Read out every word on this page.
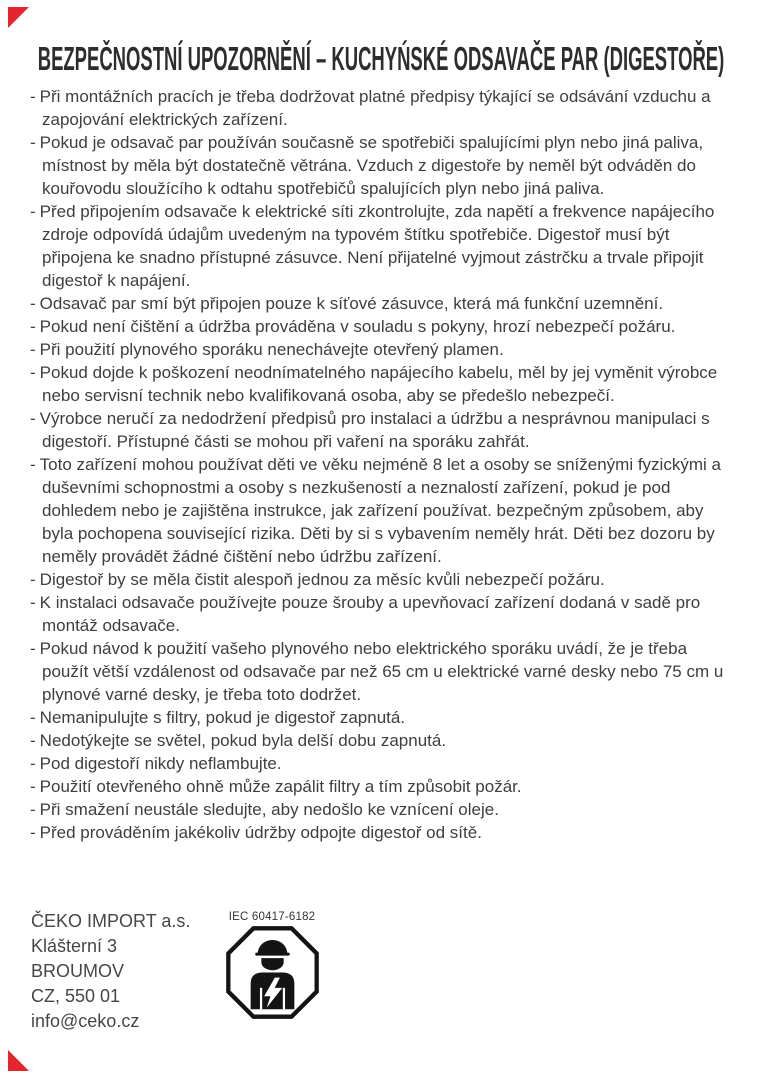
BEZPEČNOSTNÍ UPOZORNĚNÍ – KUCHYŃSKÉ ODSAVAČE PAR (DIGESTOŘE)

- Při montážních pracích je třeba dodržovat platné předpisy týkající se odsávání vzduchu a zapojování elektrických zařízení.

- Pokud je odsavač par používán současně se spotřebiči spalujícími plyn nebo jiná paliva, místnost by měla být dostatečně větrána. Vzduch z digestoře by neměl být odváděn do kouřovodu sloužícího k odtahu spotřebičů spalujících plyn nebo jiná paliva.

- Před připojením odsavače k elektrické síti zkontrolujte, zda napětí a frekvence napájecího zdroje odpovídá údajům uvedeným na typovém štítku spotřebiče. Digestoř musí být připojena ke snadno přístupné zásuvce. Není přijatelné vyjmout zástrčku a trvale připojit digestoř k napájení.

- Odsavač par smí být připojen pouze k síťové zásuvce, která má funkční uzemnění.

- Pokud není čištění a údržba prováděna v souladu s pokyny, hrozí nebezpečí požáru.

- Při použití plynového sporáku nenechávejte otevřený plamen.

- Pokud dojde k poškození neodnímatelného napájecího kabelu, měl by jej vyměnit výrobce nebo servisní technik nebo kvalifikovaná osoba, aby se předešlo nebezpečí.

- Výrobce neručí za nedodržení předpisů pro instalaci a údržbu a nesprávnou manipulaci s digestoří. Přístupné části se mohou při vaření na sporáku zahřát.

- Toto zařízení mohou používat děti ve věku nejméně 8 let a osoby se sníženými fyzickými a duševními schopnostmi a osoby s nezkušeností a neznalostí zařízení, pokud je pod dohledem nebo je zajištěna instrukce, jak zařízení používat. bezpečným způsobem, aby byla pochopena související rizika. Děti by si s vybavením neměly hrát. Děti bez dozoru by neměly provádět žádné čištění nebo údržbu zařízení.

- Digestoř by se měla čistit alespoň jednou za měsíc kvůli nebezpečí požáru.

- K instalaci odsavače používejte pouze šrouby a upevňovací zařízení dodaná v sadě pro montáž odsavače.

- Pokud návod k použití vašeho plynového nebo elektrického sporáku uvádí, že je třeba použít větší vzdálenost od odsavače par než 65 cm u elektrické varné desky nebo 75 cm u plynové varné desky, je třeba toto dodržet.

- Nemanipulujte s filtry, pokud je digestoř zapnutá.

- Nedotýkejte se světel, pokud byla delší dobu zapnutá.

- Pod digestoří nikdy neflambujte.

- Použití otevřeného ohně může zapálit filtry a tím způsobit požár.

- Při smažení neustále sledujte, aby nedošlo ke vznícení oleje.

- Před prováděním jakékoliv údržby odpojte digestoř od sítě.

ČEKO IMPORT a.s.
Klášterní 3
BROUMOV
CZ, 550 01
info@ceko.cz
IEC 60417-6182
